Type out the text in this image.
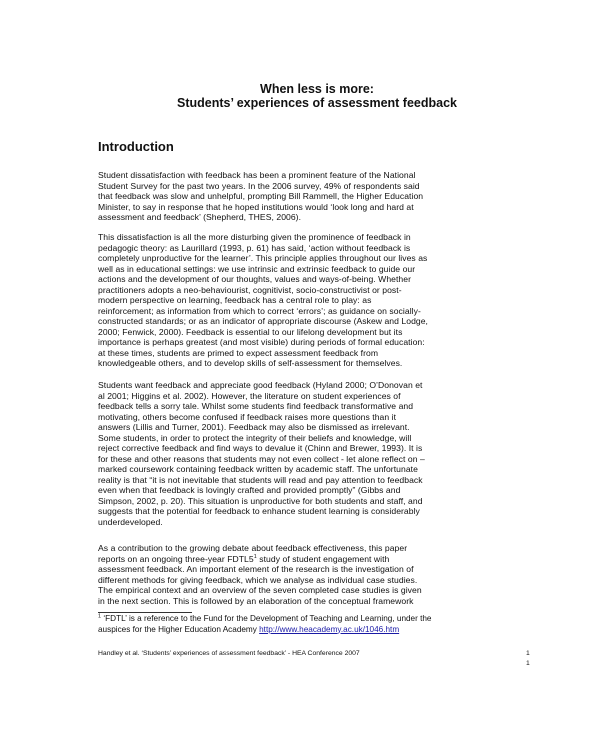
When less is more:
Students’ experiences of assessment feedback
Introduction
Student dissatisfaction with feedback has been a prominent feature of the National
Student Survey for the past two years. In the 2006 survey, 49% of respondents said
that feedback was slow and unhelpful, prompting Bill Rammell, the Higher Education
Minister, to say in response that he hoped institutions would ‘look long and hard at
assessment and feedback’ (Shepherd, THES, 2006).
This dissatisfaction is all the more disturbing given the prominence of feedback in
pedagogic theory: as Laurillard (1993, p. 61) has said, ‘action without feedback is
completely unproductive for the learner’. This principle applies throughout our lives as
well as in educational settings: we use intrinsic and extrinsic feedback to guide our
actions and the development of our thoughts, values and ways-of-being. Whether
practitioners adopts a neo-behaviourist, cognitivist, socio-constructivist or post-
modern perspective on learning, feedback has a central role to play: as
reinforcement; as information from which to correct ‘errors’; as guidance on socially-
constructed standards; or as an indicator of appropriate discourse (Askew and Lodge,
2000; Fenwick, 2000). Feedback is essential to our lifelong development but its
importance is perhaps greatest (and most visible) during periods of formal education:
at these times, students are primed to expect assessment feedback from
knowledgeable others, and to develop skills of self-assessment for themselves.
Students want feedback and appreciate good feedback (Hyland 2000; O’Donovan et
al 2001; Higgins et al. 2002). However, the literature on student experiences of
feedback tells a sorry tale. Whilst some students find feedback transformative and
motivating, others become confused if feedback raises more questions than it
answers (Lillis and Turner, 2001). Feedback may also be dismissed as irrelevant.
Some students, in order to protect the integrity of their beliefs and knowledge, will
reject corrective feedback and find ways to devalue it (Chinn and Brewer, 1993). It is
for these and other reasons that students may not even collect - let alone reflect on –
marked coursework containing feedback written by academic staff. The unfortunate
reality is that “it is not inevitable that students will read and pay attention to feedback
even when that feedback is lovingly crafted and provided promptly” (Gibbs and
Simpson, 2002, p. 20). This situation is unproductive for both students and staff, and
suggests that the potential for feedback to enhance student learning is considerably
underdeveloped.
As a contribution to the growing debate about feedback effectiveness, this paper
reports on an ongoing three-year $FDTL5^1$ study of student engagement with
assessment feedback. An important element of the research is the investigation of
different methods for giving feedback, which we analyse as individual case studies.
The empirical context and an overview of the seven completed case studies is given
in the next section. This is followed by an elaboration of the conceptual framework
$^1$ ‘FDTL’ is a reference to the Fund for the Development of Teaching and Learning, under the
auspices for the Higher Education Academy http://www.heacademy.ac.uk/1046.htm
Handley et al. ‘Students’ experiences of assessment feedback’ - HEA Conference 2007	1
1
